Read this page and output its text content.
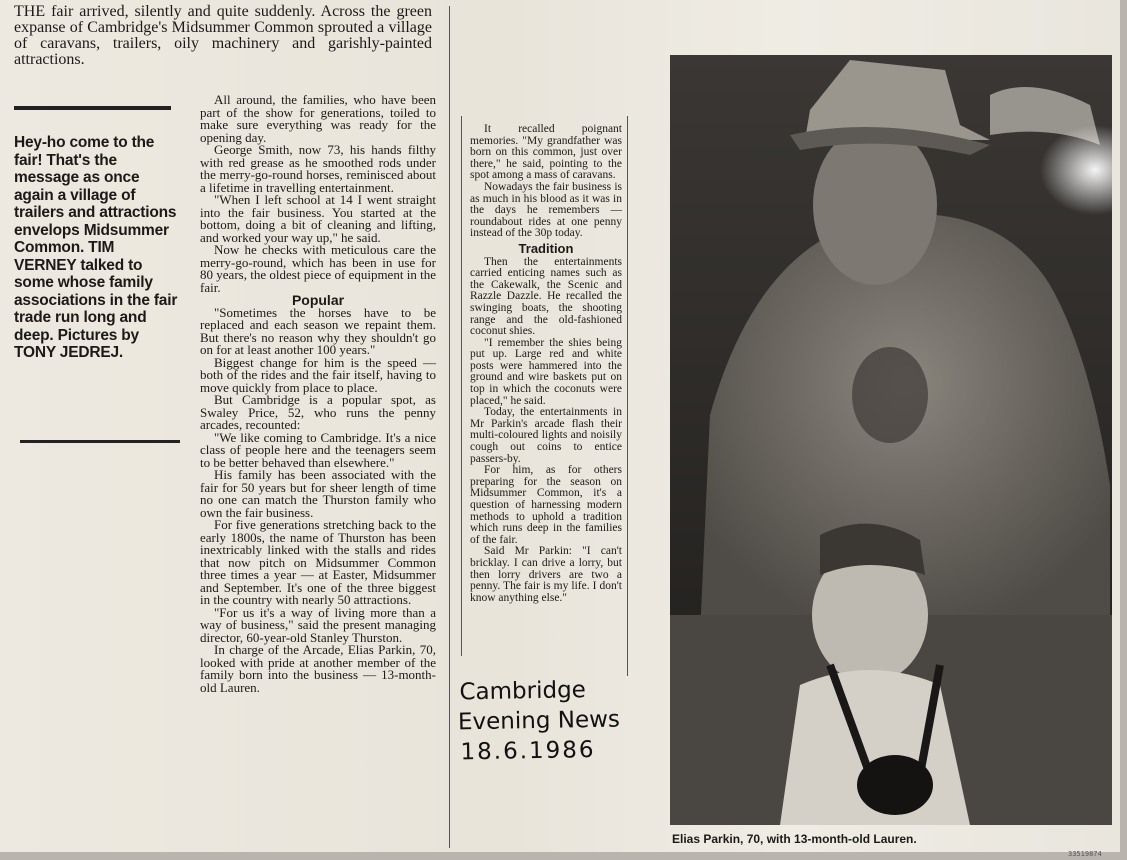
THE fair arrived, silently and quite suddenly. Across the green expanse of Cambridge's Midsummer Common sprouted a village of caravans, trailers, oily machinery and garishly-painted attractions.
Hey-ho come to the fair! That's the message as once again a village of trailers and attractions envelops Midsummer Common. TIM VERNEY talked to some whose family associations in the fair trade run long and deep. Pictures by TONY JEDREJ.

All around, the families, who have been part of the show for generations, toiled to make sure everything was ready for the opening day.

George Smith, now 73, his hands filthy with red grease as he smoothed rods under the merry-go-round horses, reminisced about a lifetime in travelling entertainment.

"When I left school at 14 I went straight into the fair business. You started at the bottom, doing a bit of cleaning and lifting, and worked your way up," he said.

Now he checks with meticulous care the merry-go-round, which has been in use for 80 years, the oldest piece of equipment in the fair.

Popular

"Sometimes the horses have to be replaced and each season we repaint them. But there's no reason why they shouldn't go on for at least another 100 years."

Biggest change for him is the speed —both of the rides and the fair itself, having to move quickly from place to place.

But Cambridge is a popular spot, as Swaley Price, 52, who runs the penny arcades, recounted:

"We like coming to Cambridge. It's a nice class of people here and the teenagers seem to be better behaved than elsewhere."

His family has been associated with the fair for 50 years but for sheer length of time no one can match the Thurston family who own the fair business.

For five generations stretching back to the early 1800s, the name of Thurston has been inextricably linked with the stalls and rides that now pitch on Midsummer Common three times a year — at Easter, Midsummer and September. It's one of the three biggest in the country with nearly 50 attractions.

"For us it's a way of living more than a way of business," said the present managing director, 60-year-old Stanley Thurston.

In charge of the Arcade, Elias Parkin, 70, looked with pride at another member of the family born into the business — 13-month-old Lauren.

It recalled poignant memories. "My grandfather was born on this common, just over there," he said, pointing to the spot among a mass of caravans.

Nowadays the fair business is as much in his blood as it was in the days he remembers — roundabout rides at one penny instead of the 30p today.

Tradition

Then the entertainments carried enticing names such as the Cakewalk, the Scenic and Razzle Dazzle. He recalled the swinging boats, the shooting range and the old-fashioned coconut shies.

"I remember the shies being put up. Large red and white posts were hammered into the ground and wire baskets put on top in which the coconuts were placed," he said.

Today, the entertainments in Mr Parkin's arcade flash their multi-coloured lights and noisily cough out coins to entice passers-by.

For him, as for others preparing for the season on Midsummer Common, it's a question of harnessing modern methods to uphold a tradition which runs deep in the families of the fair.

Said Mr Parkin: "I can't bricklay. I can drive a lorry, but then lorry drivers are two a penny. The fair is my life. I don't know anything else."

Cambridge
Evening News
18.6.1986
Elias Parkin, 70, with 13-month-old Lauren.
33519874
